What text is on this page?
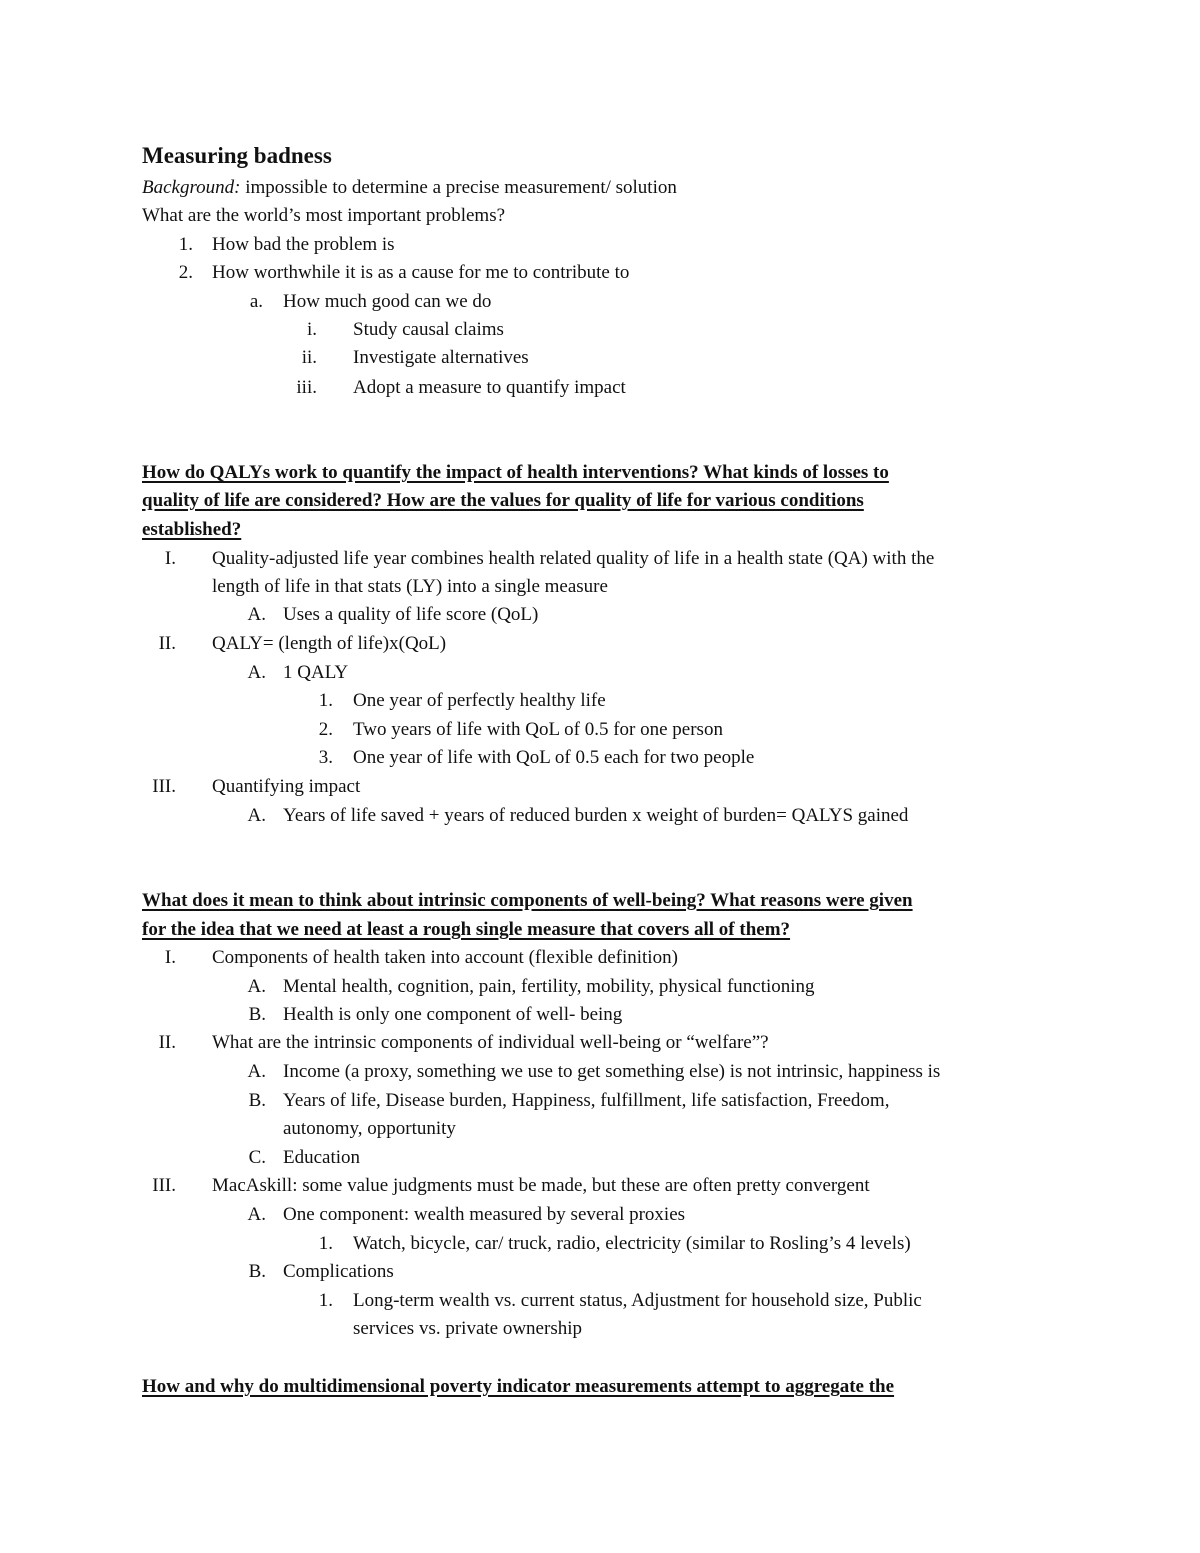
Measuring badness
Background: impossible to determine a precise measurement/ solution
What are the world’s most important problems?
1. How bad the problem is
2. How worthwhile it is as a cause for me to contribute to
a. How much good can we do
i. Study causal claims
ii. Investigate alternatives
iii. Adopt a measure to quantify impact
How do QALYs work to quantify the impact of health interventions? What kinds of losses to
quality of life are considered? How are the values for quality of life for various conditions
established?
I. Quality-adjusted life year combines health related quality of life in a health state (QA) with the
length of life in that stats (LY) into a single measure
A. Uses a quality of life score (QoL)
II. QALY= (length of life)x(QoL)
A. 1 QALY
1. One year of perfectly healthy life
2. Two years of life with QoL of 0.5 for one person
3. One year of life with QoL of 0.5 each for two people
III. Quantifying impact
A. Years of life saved + years of reduced burden x weight of burden= QALYS gained
What does it mean to think about intrinsic components of well-being? What reasons were given
for the idea that we need at least a rough single measure that covers all of them?
I. Components of health taken into account (flexible definition)
A. Mental health, cognition, pain, fertility, mobility, physical functioning
B. Health is only one component of well- being
II. What are the intrinsic components of individual well-being or “welfare”?
A. Income (a proxy, something we use to get something else) is not intrinsic, happiness is
B. Years of life, Disease burden, Happiness, fulfillment, life satisfaction, Freedom,
autonomy, opportunity
C. Education
III. MacAskill: some value judgments must be made, but these are often pretty convergent
A. One component: wealth measured by several proxies
1. Watch, bicycle, car/ truck, radio, electricity (similar to Rosling’s 4 levels)
B. Complications
1. Long-term wealth vs. current status, Adjustment for household size, Public
services vs. private ownership
How and why do multidimensional poverty indicator measurements attempt to aggregate the
